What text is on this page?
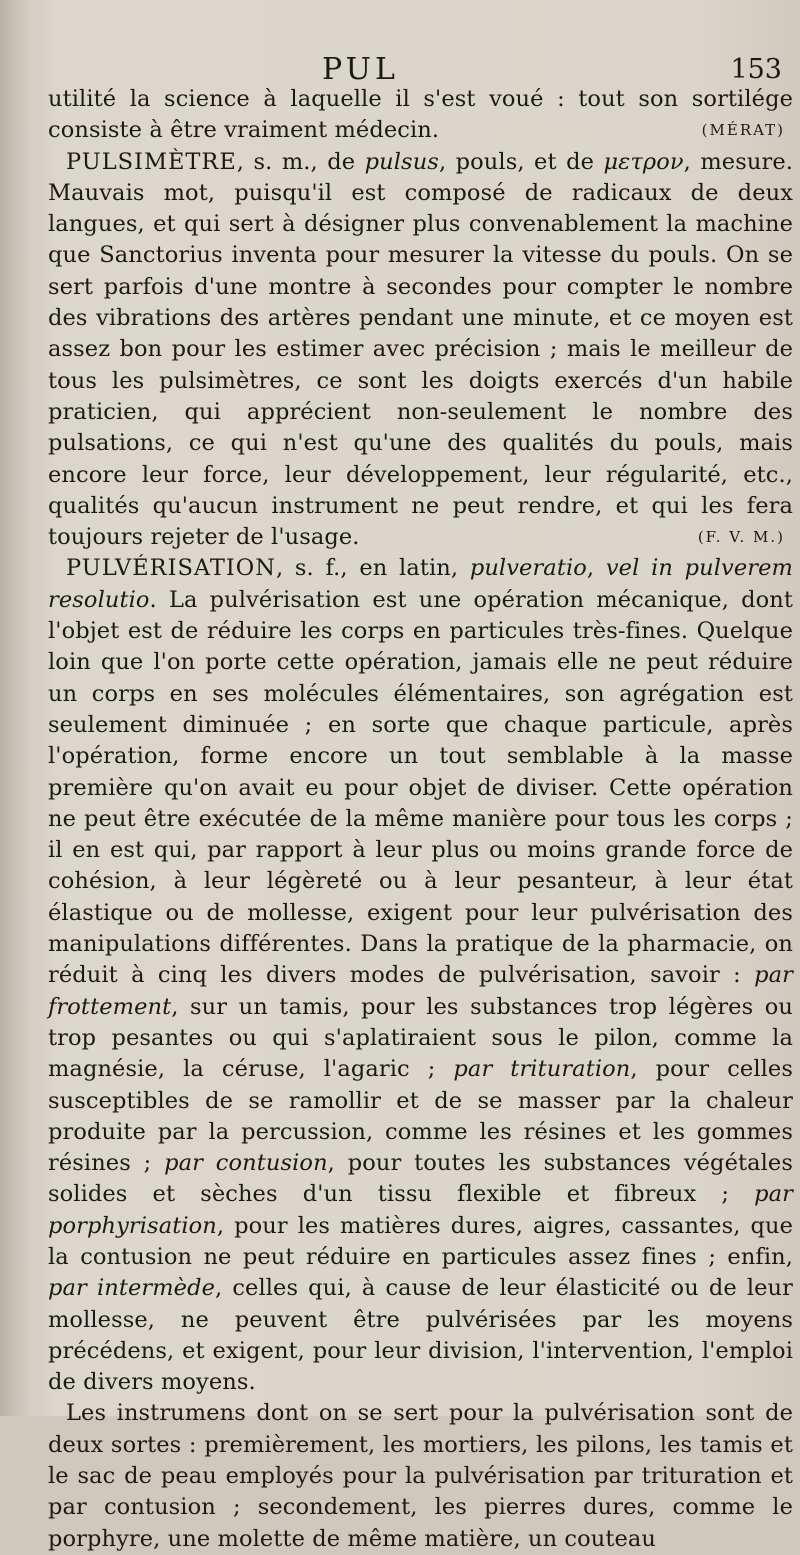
PUL	153

utilité la science à laquelle il s'est voué : tout son sortilége consiste à être vraiment médecin.	(MÉRAT)

PULSIMÈTRE, s. m., de pulsus, pouls, et de μετρον, mesure. Mauvais mot, puisqu'il est composé de radicaux de deux langues, et qui sert à désigner plus convenablement la machine que Sanctorius inventa pour mesurer la vitesse du pouls. On se sert parfois d'une montre à secondes pour compter le nombre des vibrations des artères pendant une minute, et ce moyen est assez bon pour les estimer avec précision ; mais le meilleur de tous les pulsimètres, ce sont les doigts exercés d'un habile praticien, qui apprécient non-seulement le nombre des pulsations, ce qui n'est qu'une des qualités du pouls, mais encore leur force, leur développement, leur régularité, etc., qualités qu'aucun instrument ne peut rendre, et qui les fera toujours rejeter de l'usage.	(F. V. M.)

PULVÉRISATION, s. f., en latin, pulveratio, vel in pulverem resolutio. La pulvérisation est une opération mécanique, dont l'objet est de réduire les corps en particules très-fines. Quelque loin que l'on porte cette opération, jamais elle ne peut réduire un corps en ses molécules élémentaires, son agrégation est seulement diminuée ; en sorte que chaque particule, après l'opération, forme encore un tout semblable à la masse première qu'on avait eu pour objet de diviser. Cette opération ne peut être exécutée de la même manière pour tous les corps ; il en est qui, par rapport à leur plus ou moins grande force de cohésion, à leur légèreté ou à leur pesanteur, à leur état élastique ou de mollesse, exigent pour leur pulvérisation des manipulations différentes. Dans la pratique de la pharmacie, on réduit à cinq les divers modes de pulvérisation, savoir : par frottement, sur un tamis, pour les substances trop légères ou trop pesantes ou qui s'aplatiraient sous le pilon, comme la magnésie, la céruse, l'agaric ; par trituration, pour celles susceptibles de se ramollir et de se masser par la chaleur produite par la percussion, comme les résines et les gommes résines ; par contusion, pour toutes les substances végétales solides et sèches d'un tissu flexible et fibreux ; par porphyrisation, pour les matières dures, aigres, cassantes, que la contusion ne peut réduire en particules assez fines ; enfin, par intermède, celles qui, à cause de leur élasticité ou de leur mollesse, ne peuvent être pulvérisées par les moyens précédens, et exigent, pour leur division, l'intervention, l'emploi de divers moyens.

Les instrumens dont on se sert pour la pulvérisation sont de deux sortes : premièrement, les mortiers, les pilons, les tamis et le sac de peau employés pour la pulvérisation par trituration et par contusion ; secondement, les pierres dures, comme le porphyre, une molette de même matière, un couteau
